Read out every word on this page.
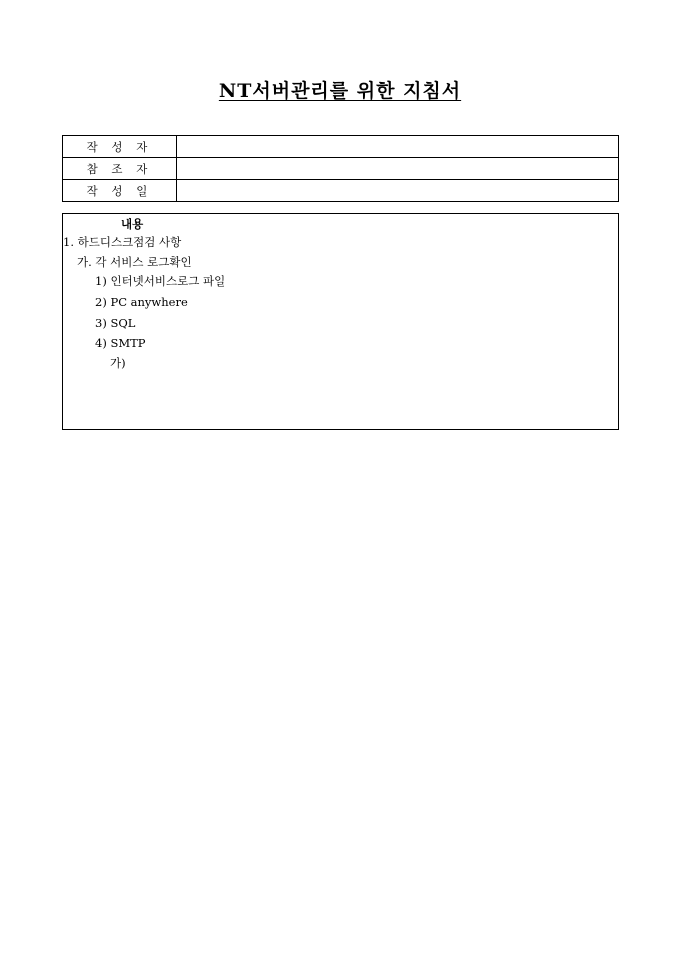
NT서버관리를 위한 지침서
작 성 자	
참 조 자	
작 성 일	
내용
1. 하드디스크점검 사항
가. 각 서비스 로그확인
1) 인터넷서비스로그 파일
2) PC anywhere
3) SQL
4) SMTP
가)
